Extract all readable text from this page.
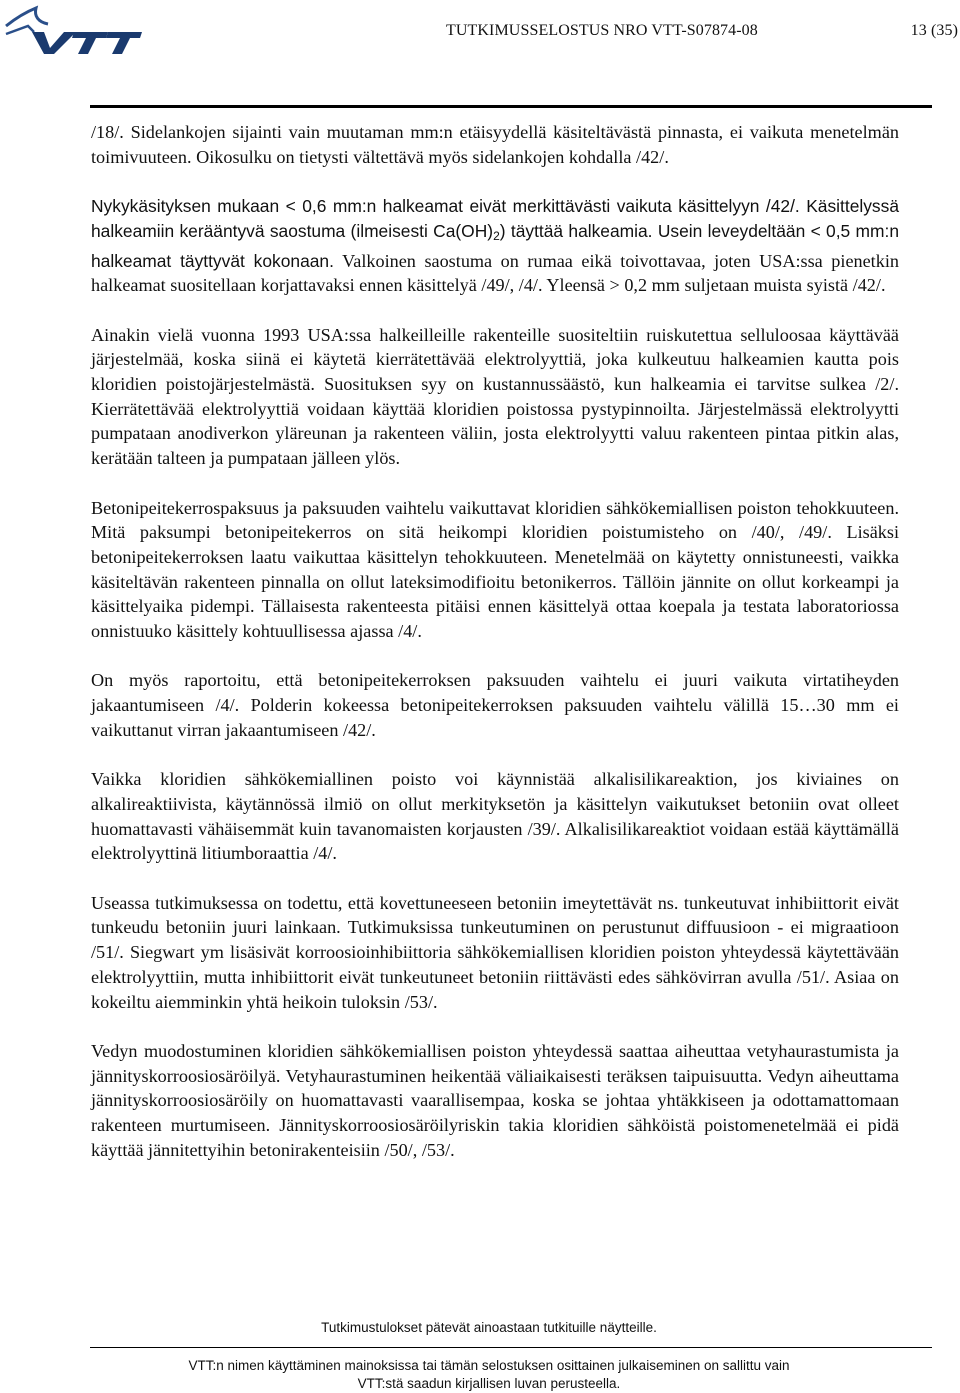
VTT
TUTKIMUSSELOSTUS NRO VTT-S07874-08	13 (35)

/18/. Sidelankojen sijainti vain muutaman mm:n etäisyydellä käsiteltävästä pinnasta, ei vaikuta menetelmän toimivuuteen. Oikosulku on tietysti vältettävä myös sidelankojen kohdalla /42/.

Nykykäsityksen mukaan < 0,6 mm:n halkeamat eivät merkittävästi vaikuta käsittelyyn /42/. Käsittelyssä halkeamiin kerääntyvä saostuma (ilmeisesti $Ca(OH)_2$) täyttää halkeamia. Usein leveydeltään < 0,5 mm:n halkeamat täyttyvät kokonaan. Valkoinen saostuma on rumaa eikä toivottavaa, joten USA:ssa pienetkin halkeamat suositellaan korjattavaksi ennen käsittelyä /49/, /4/. Yleensä > 0,2 mm suljetaan muista syistä /42/.

Ainakin vielä vuonna 1993 USA:ssa halkeilleille rakenteille suositeltiin ruiskutettua selluloosaa käyttävää järjestelmää, koska siinä ei käytetä kierrätettävää elektrolyyttiä, joka kulkeutuu halkeamien kautta pois kloridien poistojärjestelmästä. Suosituksen syy on kustannussäästö, kun halkeamia ei tarvitse sulkea /2/. Kierrätettävää elektrolyyttiä voidaan käyttää kloridien poistossa pystypinnoilta. Järjestelmässä elektrolyytti pumpataan anodiverkon yläreunan ja rakenteen väliin, josta elektrolyytti valuu rakenteen pintaa pitkin alas, kerätään talteen ja pumpataan jälleen ylös.

Betonipeitekerrospaksuus ja paksuuden vaihtelu vaikuttavat kloridien sähkökemiallisen poiston tehokkuuteen. Mitä paksumpi betonipeitekerros on sitä heikompi kloridien poistumisteho on /40/, /49/. Lisäksi betonipeitekerroksen laatu vaikuttaa käsittelyn tehokkuuteen. Menetelmää on käytetty onnistuneesti, vaikka käsiteltävän rakenteen pinnalla on ollut lateksimodifioitu betonikerros. Tällöin jännite on ollut korkeampi ja käsittelyaika pidempi. Tällaisesta rakenteesta pitäisi ennen käsittelyä ottaa koepala ja testata laboratoriossa onnistuuko käsittely kohtuullisessa ajassa /4/.

On myös raportoitu, että betonipeitekerroksen paksuuden vaihtelu ei juuri vaikuta virtatiheyden jakaantumiseen /4/. Polderin kokeessa betonipeitekerroksen paksuuden vaihtelu välillä 15…30 mm ei vaikuttanut virran jakaantumiseen /42/.

Vaikka kloridien sähkökemiallinen poisto voi käynnistää alkalisilikareaktion, jos kiviaines on alkalireaktiivista, käytännössä ilmiö on ollut merkityksetön ja käsittelyn vaikutukset betoniin ovat olleet huomattavasti vähäisemmät kuin tavanomaisten korjausten /39/. Alkalisilikareaktiot voidaan estää käyttämällä elektrolyyttinä litiumboraattia /4/.

Useassa tutkimuksessa on todettu, että kovettuneeseen betoniin imeytettävät ns. tunkeutuvat inhibiittorit eivät tunkeudu betoniin juuri lainkaan. Tutkimuksissa tunkeutuminen on perustunut diffuusioon - ei migraatioon /51/. Siegwart ym lisäsivät korroosioinhibiittoria sähkökemiallisen kloridien poiston yhteydessä käytettävään elektrolyyttiin, mutta inhibiittorit eivät tunkeutuneet betoniin riittävästi edes sähkövirran avulla /51/. Asiaa on kokeiltu aiemminkin yhtä heikoin tuloksin /53/.

Vedyn muodostuminen kloridien sähkökemiallisen poiston yhteydessä saattaa aiheuttaa vetyhaurastumista ja jännityskorroosiosäröilyä. Vetyhaurastuminen heikentää väliaikaisesti teräksen taipuisuutta. Vedyn aiheuttama jännityskorroosiosäröily on huomattavasti vaarallisempaa, koska se johtaa yhtäkkiseen ja odottamattomaan rakenteen murtumiseen. Jännityskorroosiosäröilyriskin takia kloridien sähköistä poistomenetelmää ei pidä käyttää jännitettyihin betonirakenteisiin /50/, /53/.

Tutkimustulokset pätevät ainoastaan tutkituille näytteille.
VTT:n nimen käyttäminen mainoksissa tai tämän selostuksen osittainen julkaiseminen on sallittu vain
VTT:stä saadun kirjallisen luvan perusteella.
